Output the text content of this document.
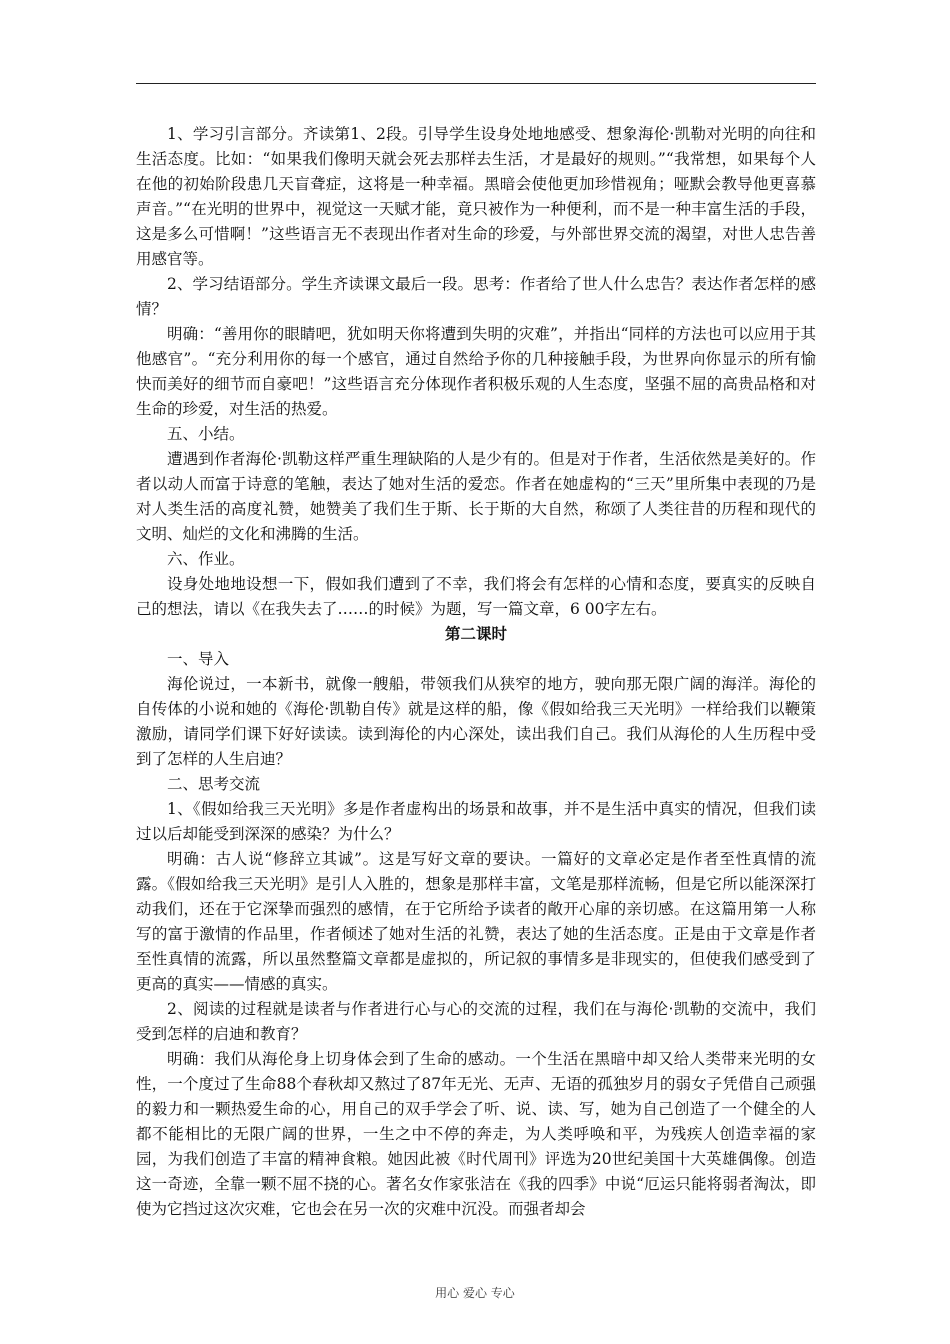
1、学习引言部分。齐读第1、2段。引导学生设身处地地感受、想象海伦·凯勒对光明的向往和生活态度。比如：“如果我们像明天就会死去那样去生活，才是最好的规则。”“我常想，如果每个人在他的初始阶段患几天盲聋症，这将是一种幸福。黑暗会使他更加珍惜视角；哑默会教导他更喜慕声音。”“在光明的世界中，视觉这一天赋才能，竟只被作为一种便利，而不是一种丰富生活的手段，这是多么可惜啊！”这些语言无不表现出作者对生命的珍爱，与外部世界交流的渴望，对世人忠告善用感官等。

2、学习结语部分。学生齐读课文最后一段。思考：作者给了世人什么忠告？表达作者怎样的感情？

明确：“善用你的眼睛吧，犹如明天你将遭到失明的灾难”，并指出“同样的方法也可以应用于其他感官”。“充分利用你的每一个感官，通过自然给予你的几种接触手段，为世界向你显示的所有愉快而美好的细节而自豪吧！”这些语言充分体现作者积极乐观的人生态度，坚强不屈的高贵品格和对生命的珍爱，对生活的热爱。

五、小结。

遭遇到作者海伦·凯勒这样严重生理缺陷的人是少有的。但是对于作者，生活依然是美好的。作者以动人而富于诗意的笔触，表达了她对生活的爱恋。作者在她虚构的“三天”里所集中表现的乃是对人类生活的高度礼赞，她赞美了我们生于斯、长于斯的大自然，称颂了人类往昔的历程和现代的文明、灿烂的文化和沸腾的生活。

六、作业。

设身处地地设想一下，假如我们遭到了不幸，我们将会有怎样的心情和态度，要真实的反映自己的想法，请以《在我失去了……的时候》为题，写一篇文章，6 00字左右。

第二课时

一、导入

海伦说过，一本新书，就像一艘船，带领我们从狭窄的地方，驶向那无限广阔的海洋。海伦的自传体的小说和她的《海伦·凯勒自传》就是这样的船，像《假如给我三天光明》一样给我们以鞭策激励，请同学们课下好好读读。读到海伦的内心深处，读出我们自己。我们从海伦的人生历程中受到了怎样的人生启迪？

二、思考交流

1、《假如给我三天光明》多是作者虚构出的场景和故事，并不是生活中真实的情况，但我们读过以后却能受到深深的感染？为什么？

明确：古人说“修辞立其诚”。这是写好文章的要诀。一篇好的文章必定是作者至性真情的流露。《假如给我三天光明》是引人入胜的，想象是那样丰富，文笔是那样流畅，但是它所以能深深打动我们，还在于它深挚而强烈的感情，在于它所给予读者的敞开心扉的亲切感。在这篇用第一人称写的富于激情的作品里，作者倾述了她对生活的礼赞，表达了她的生活态度。正是由于文章是作者至性真情的流露，所以虽然整篇文章都是虚拟的，所记叙的事情多是非现实的，但使我们感受到了更高的真实——情感的真实。

2、阅读的过程就是读者与作者进行心与心的交流的过程，我们在与海伦·凯勒的交流中，我们受到怎样的启迪和教育？

明确：我们从海伦身上切身体会到了生命的感动。一个生活在黑暗中却又给人类带来光明的女性，一个度过了生命88个春秋却又熬过了87年无光、无声、无语的孤独岁月的弱女子凭借自己顽强的毅力和一颗热爱生命的心，用自己的双手学会了听、说、读、写，她为自己创造了一个健全的人都不能相比的无限广阔的世界，一生之中不停的奔走，为人类呼唤和平，为残疾人创造幸福的家园，为我们创造了丰富的精神食粮。她因此被《时代周刊》评选为20世纪美国十大英雄偶像。创造这一奇迹，全靠一颗不屈不挠的心。著名女作家张洁在《我的四季》中说“厄运只能将弱者淘汰，即使为它挡过这次灾难，它也会在另一次的灾难中沉没。而强者却会

用心 爱心 专心
